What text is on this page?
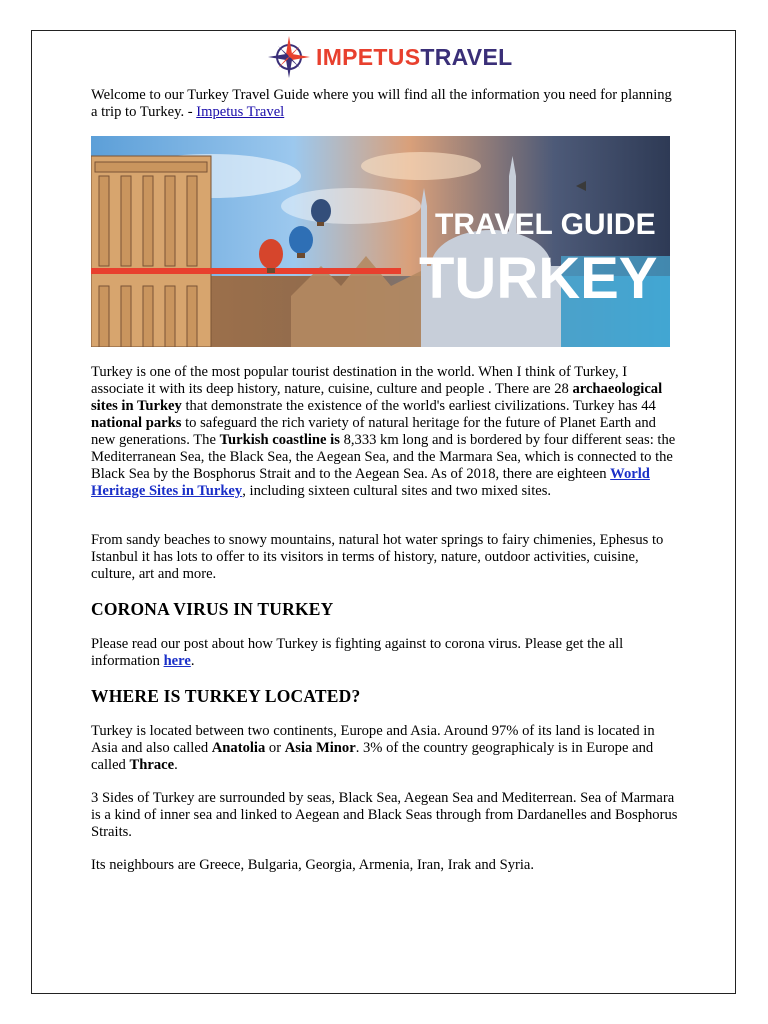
IMPETUSTRAVEL
Welcome to our Turkey Travel Guide where you will find all the information you need for planning a trip to Turkey. - Impetus Travel
TRAVEL GUIDE
TURKEY
Turkey is one of the most popular tourist destination in the world. When I think of Turkey, I associate it with its deep history, nature, cuisine, culture and people . There are 28 archaeological sites in Turkey that demonstrate the existence of the world's earliest civilizations. Turkey has 44 national parks to safeguard the rich variety of natural heritage for the future of Planet Earth and new generations. The Turkish coastline is 8,333 km long and is bordered by four different seas: the Mediterranean Sea, the Black Sea, the Aegean Sea, and the Marmara Sea, which is connected to the Black Sea by the Bosphorus Strait and to the Aegean Sea. As of 2018, there are eighteen World Heritage Sites in Turkey, including sixteen cultural sites and two mixed sites.
From sandy beaches to snowy mountains, natural hot water springs to fairy chimenies, Ephesus to Istanbul it has lots to offer to its visitors in terms of history, nature, outdoor activities, cuisine, culture, art and more.
CORONA VIRUS IN TURKEY
Please read our post about how Turkey is fighting against to corona virus. Please get the all information here.
WHERE IS TURKEY LOCATED?
Turkey is located between two continents, Europe and Asia. Around 97% of its land is located in Asia and also called Anatolia or Asia Minor. 3% of the country geographicaly is in Europe and called Thrace.
3 Sides of Turkey are surrounded by seas, Black Sea, Aegean Sea and Mediterrean. Sea of Marmara is a kind of inner sea and linked to Aegean and Black Seas through from Dardanelles and Bosphorus Straits.
Its neighbours are Greece, Bulgaria, Georgia, Armenia, Iran, Irak and Syria.
